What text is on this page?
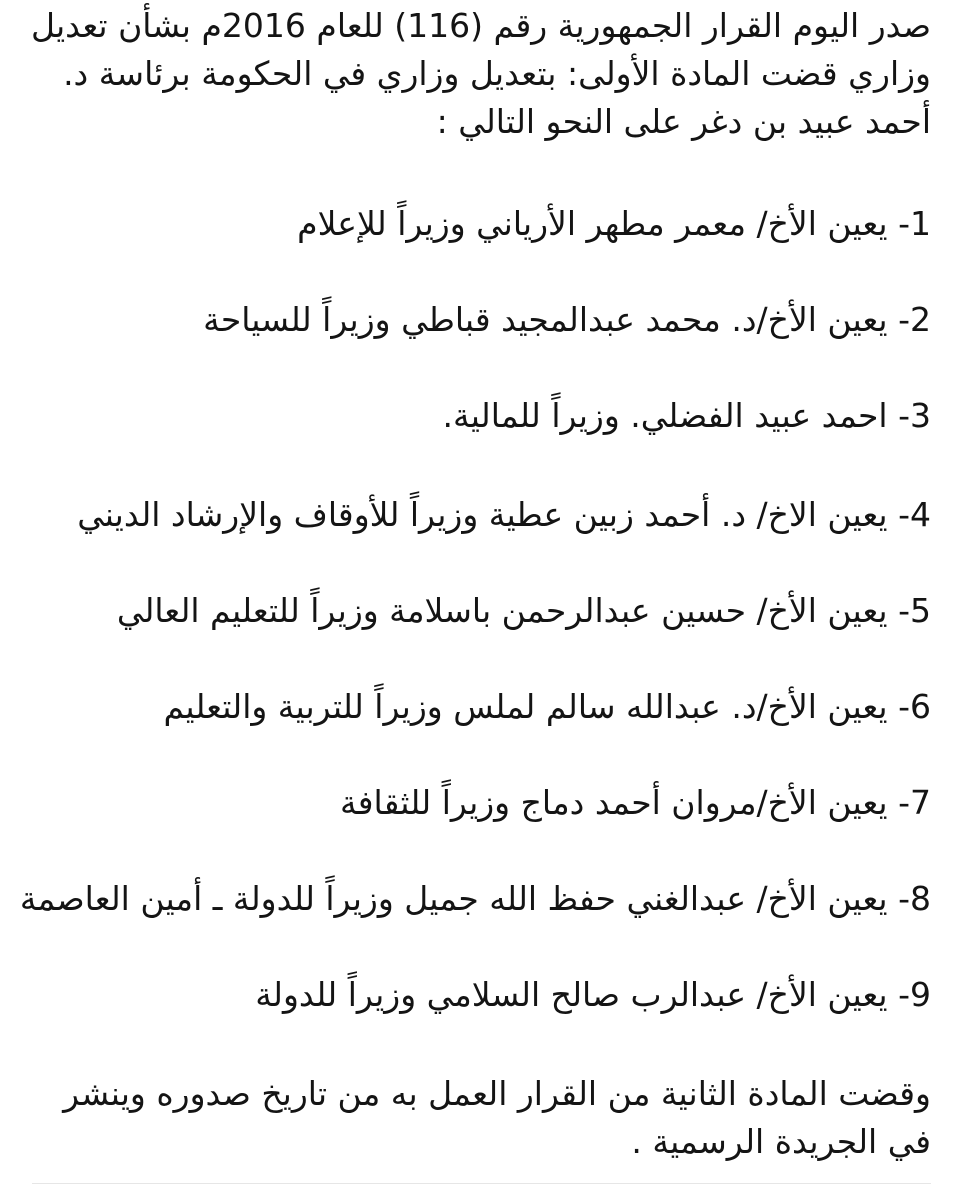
صدر اليوم القرار الجمهورية رقم (116) للعام 2016م بشأن تعديل وزاري قضت المادة الأولى: بتعديل وزاري في الحكومة برئاسة د. أحمد عبيد بن دغر على النحو التالي :

1- يعين الأخ/ معمر مطهر الأرياني وزيراً للإعلام

2- يعين الأخ/د. محمد عبدالمجيد قباطي وزيراً للسياحة

3- احمد عبيد الفضلي. وزيراً للمالية.

4- يعين الاخ/ د. أحمد زبين عطية وزيراً للأوقاف والإرشاد الديني

5- يعين الأخ/ حسين عبدالرحمن باسلامة وزيراً للتعليم العالي

6- يعين الأخ/د. عبدالله سالم لملس وزيراً للتربية والتعليم

7- يعين الأخ/مروان أحمد دماج وزيراً للثقافة

8- يعين الأخ/ عبدالغني حفظ الله جميل وزيراً للدولة ـ أمين العاصمة

9- يعين الأخ/ عبدالرب صالح السلامي وزيراً للدولة

وقضت المادة الثانية من القرار العمل به من تاريخ صدوره وينشر في الجريدة الرسمية .
